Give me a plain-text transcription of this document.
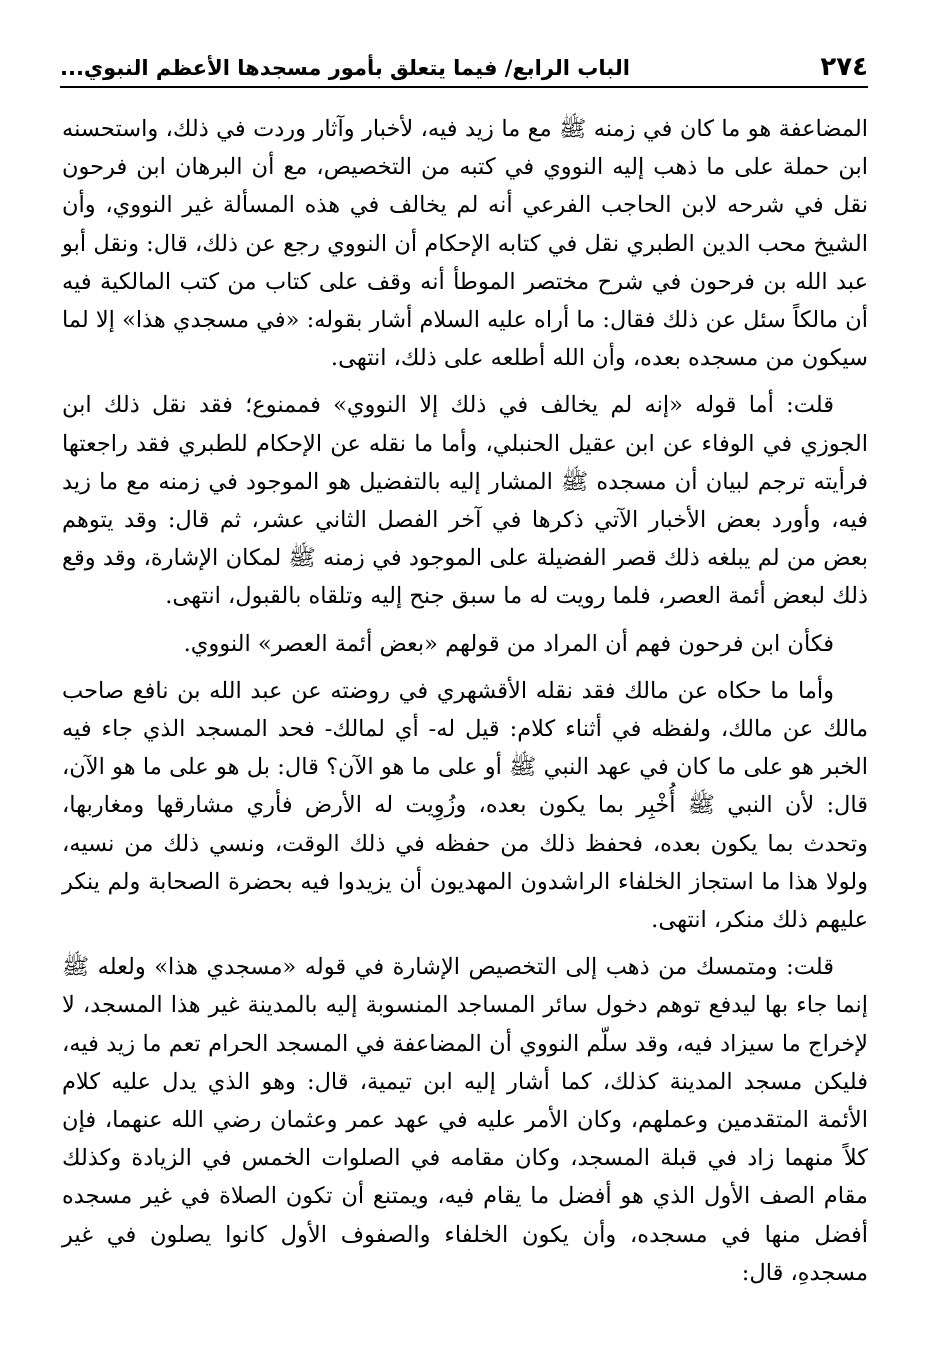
٢٧٤
الباب الرابع/ فيما يتعلق بأمور مسجدها الأعظم النبوي...

المضاعفة هو ما كان في زمنه ﷺ مع ما زيد فيه، لأخبار وآثار وردت في ذلك، واستحسنه ابن حملة على ما ذهب إليه النووي في كتبه من التخصيص، مع أن البرهان ابن فرحون نقل في شرحه لابن الحاجب الفرعي أنه لم يخالف في هذه المسألة غير النووي، وأن الشيخ محب الدين الطبري نقل في كتابه الإحكام أن النووي رجع عن ذلك، قال: ونقل أبو عبد الله بن فرحون في شرح مختصر الموطأ أنه وقف على كتاب من كتب المالكية فيه أن مالكاً سئل عن ذلك فقال: ما أراه عليه السلام أشار بقوله: «في مسجدي هذا» إلا لما سيكون من مسجده بعده، وأن الله أطلعه على ذلك، انتهى.

قلت: أما قوله «إنه لم يخالف في ذلك إلا النووي» فممنوع؛ فقد نقل ذلك ابن الجوزي في الوفاء عن ابن عقيل الحنبلي، وأما ما نقله عن الإحكام للطبري فقد راجعتها فرأيته ترجم لبيان أن مسجده ﷺ المشار إليه بالتفضيل هو الموجود في زمنه مع ما زيد فيه، وأورد بعض الأخبار الآتي ذكرها في آخر الفصل الثاني عشر، ثم قال: وقد يتوهم بعض من لم يبلغه ذلك قصر الفضيلة على الموجود في زمنه ﷺ لمكان الإشارة، وقد وقع ذلك لبعض أئمة العصر، فلما رويت له ما سبق جنح إليه وتلقاه بالقبول، انتهى.

فكأن ابن فرحون فهم أن المراد من قولهم «بعض أئمة العصر» النووي.

وأما ما حكاه عن مالك فقد نقله الأقشهري في روضته عن عبد الله بن نافع صاحب مالك عن مالك، ولفظه في أثناء كلام: قيل له- أي لمالك- فحد المسجد الذي جاء فيه الخبر هو على ما كان في عهد النبي ﷺ أو على ما هو الآن؟ قال: بل هو على ما هو الآن، قال: لأن النبي ﷺ أُخْبِر بما يكون بعده، وزُوِيت له الأرض فأري مشارقها ومغاربها، وتحدث بما يكون بعده، فحفظ ذلك من حفظه في ذلك الوقت، ونسي ذلك من نسيه، ولولا هذا ما استجاز الخلفاء الراشدون المهديون أن يزيدوا فيه بحضرة الصحابة ولم ينكر عليهم ذلك منكر، انتهى.

قلت: ومتمسك من ذهب إلى التخصيص الإشارة في قوله «مسجدي هذا» ولعله ﷺ إنما جاء بها ليدفع توهم دخول سائر المساجد المنسوبة إليه بالمدينة غير هذا المسجد، لا لإخراج ما سيزاد فيه، وقد سلّم النووي أن المضاعفة في المسجد الحرام تعم ما زيد فيه، فليكن مسجد المدينة كذلك، كما أشار إليه ابن تيمية، قال: وهو الذي يدل عليه كلام الأئمة المتقدمين وعملهم، وكان الأمر عليه في عهد عمر وعثمان رضي الله عنهما، فإن كلاً منهما زاد في قبلة المسجد، وكان مقامه في الصلوات الخمس في الزيادة وكذلك مقام الصف الأول الذي هو أفضل ما يقام فيه، ويمتنع أن تكون الصلاة في غير مسجده أفضل منها في مسجده، وأن يكون الخلفاء والصفوف الأول كانوا يصلون في غير مسجدهِ، قال:
